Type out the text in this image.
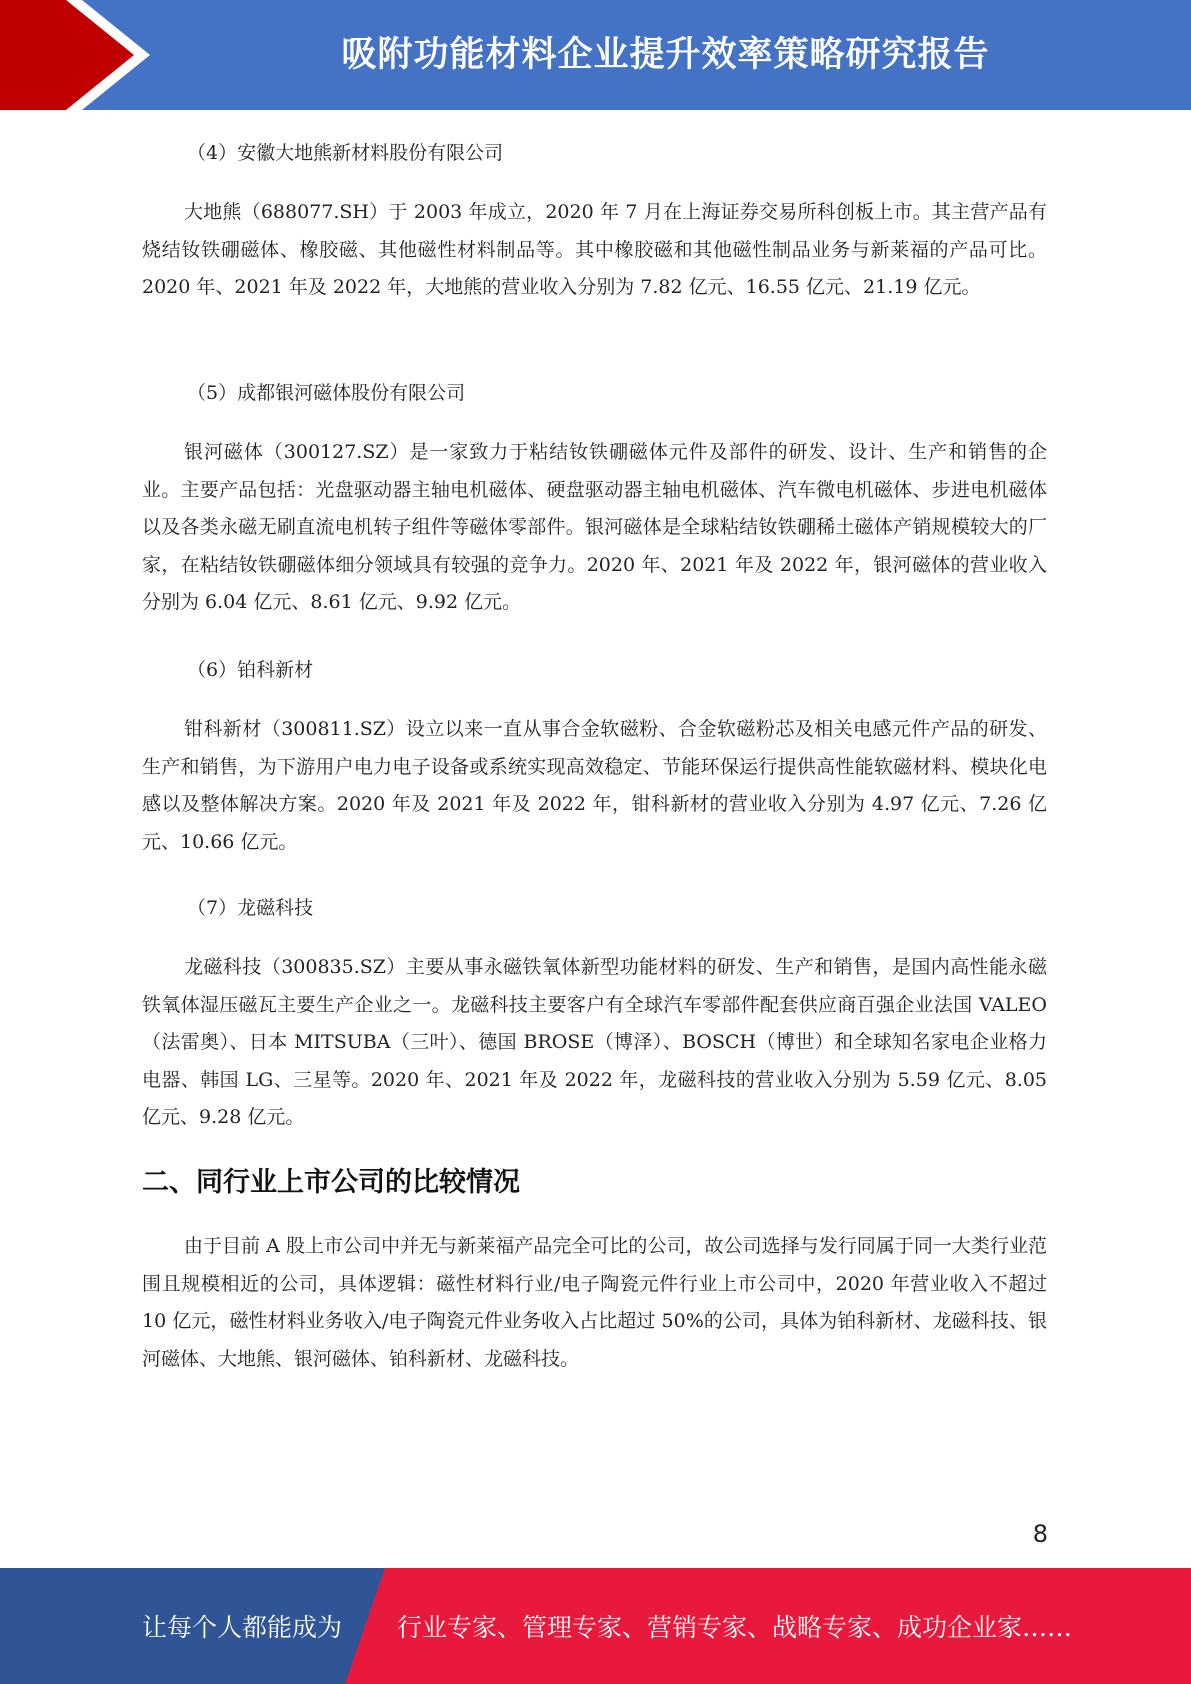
吸附功能材料企业提升效率策略研究报告
（4）安徽大地熊新材料股份有限公司
大地熊（688077.SH）于 2003 年成立，2020 年 7 月在上海证券交易所科创板上市。其主营产品有烧结钕铁硼磁体、橡胶磁、其他磁性材料制品等。其中橡胶磁和其他磁性制品业务与新莱福的产品可比。2020 年、2021 年及 2022 年，大地熊的营业收入分别为 7.82 亿元、16.55 亿元、21.19 亿元。
（5）成都银河磁体股份有限公司
银河磁体（300127.SZ）是一家致力于粘结钕铁硼磁体元件及部件的研发、设计、生产和销售的企业。主要产品包括：光盘驱动器主轴电机磁体、硬盘驱动器主轴电机磁体、汽车微电机磁体、步进电机磁体以及各类永磁无刷直流电机转子组件等磁体零部件。银河磁体是全球粘结钕铁硼稀土磁体产销规模较大的厂家，在粘结钕铁硼磁体细分领域具有较强的竞争力。2020 年、2021 年及 2022 年，银河磁体的营业收入分别为 6.04 亿元、8.61 亿元、9.92 亿元。
（6）铂科新材
钳科新材（300811.SZ）设立以来一直从事合金软磁粉、合金软磁粉芯及相关电感元件产品的研发、生产和销售，为下游用户电力电子设备或系统实现高效稳定、节能环保运行提供高性能软磁材料、模块化电感以及整体解决方案。2020 年及 2021 年及 2022 年，钳科新材的营业收入分别为 4.97 亿元、7.26 亿元、10.66 亿元。
（7）龙磁科技
龙磁科技（300835.SZ）主要从事永磁铁氧体新型功能材料的研发、生产和销售，是国内高性能永磁铁氧体湿压磁瓦主要生产企业之一。龙磁科技主要客户有全球汽车零部件配套供应商百强企业法国 VALEO（法雷奥）、日本 MITSUBA（三叶）、德国 BROSE（博泽）、BOSCH（博世）和全球知名家电企业格力电器、韩国 LG、三星等。2020 年、2021 年及 2022 年，龙磁科技的营业收入分别为 5.59 亿元、8.05 亿元、9.28 亿元。
二、同行业上市公司的比较情况
由于目前 A 股上市公司中并无与新莱福产品完全可比的公司，故公司选择与发行同属于同一大类行业范围且规模相近的公司，具体逻辑：磁性材料行业/电子陶瓷元件行业上市公司中，2020 年营业收入不超过 10 亿元，磁性材料业务收入/电子陶瓷元件业务收入占比超过 50%的公司，具体为铂科新材、龙磁科技、银河磁体、大地熊、银河磁体、铂科新材、龙磁科技。
8
让每个人都能成为 行业专家、管理专家、营销专家、战略专家、成功企业家……
